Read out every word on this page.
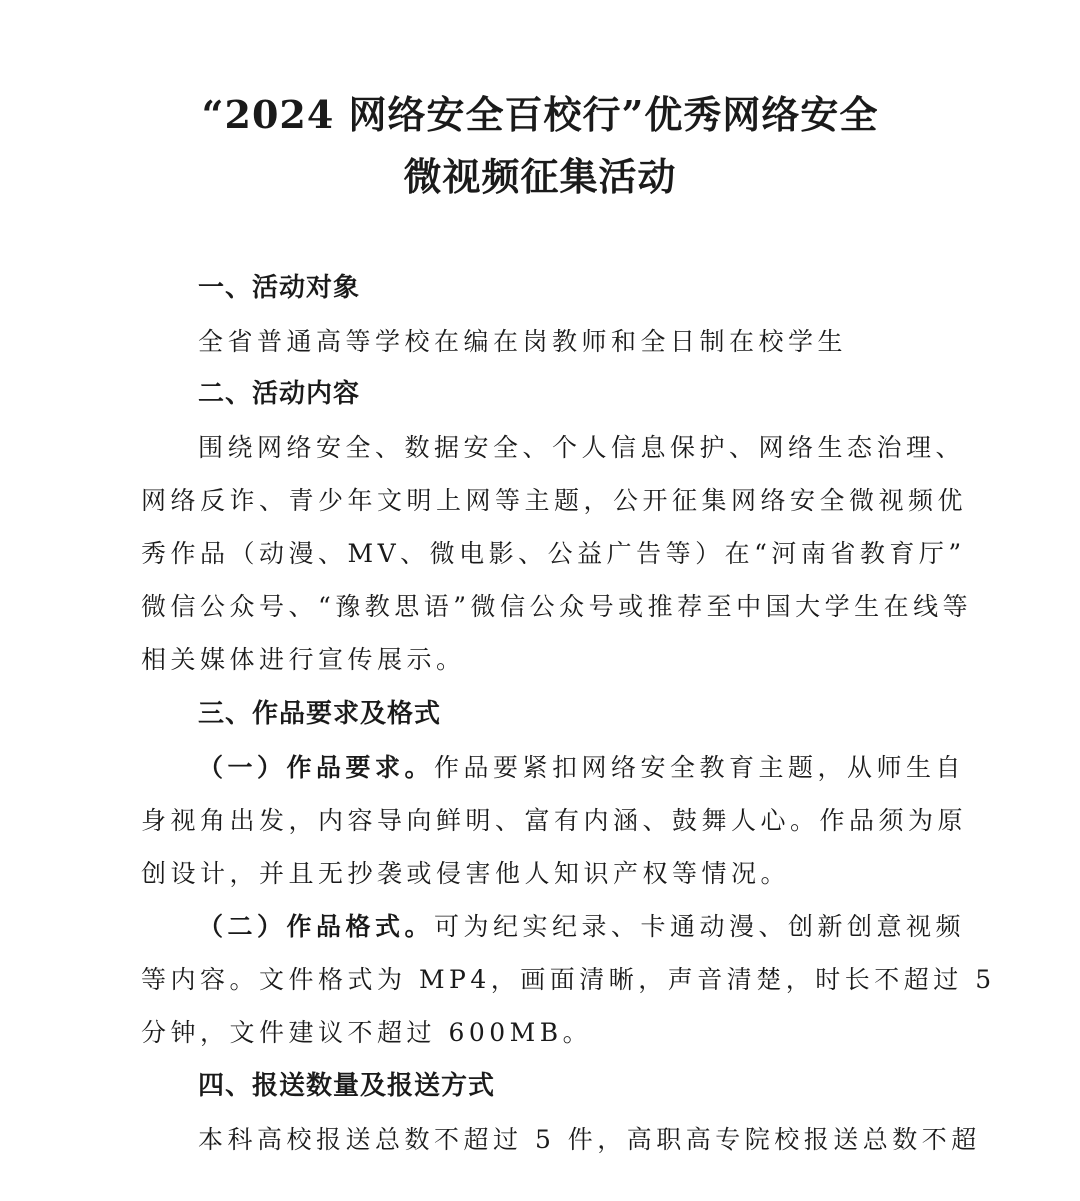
“2024 网络安全百校行”优秀网络安全
微视频征集活动
一、活动对象
全省普通高等学校在编在岗教师和全日制在校学生
二、活动内容
围绕网络安全、数据安全、个人信息保护、网络生态治理、
网络反诈、青少年文明上网等主题，公开征集网络安全微视频优
秀作品（动漫、MV、微电影、公益广告等）在“河南省教育厅”
微信公众号、“豫教思语”微信公众号或推荐至中国大学生在线等
相关媒体进行宣传展示。
三、作品要求及格式
（一）作品要求。作品要紧扣网络安全教育主题，从师生自
身视角出发，内容导向鲜明、富有内涵、鼓舞人心。作品须为原
创设计，并且无抄袭或侵害他人知识产权等情况。
（二）作品格式。可为纪实纪录、卡通动漫、创新创意视频
等内容。文件格式为 MP4，画面清晰，声音清楚，时长不超过 5
分钟，文件建议不超过 600MB。
四、报送数量及报送方式
本科高校报送总数不超过 5 件，高职高专院校报送总数不超
